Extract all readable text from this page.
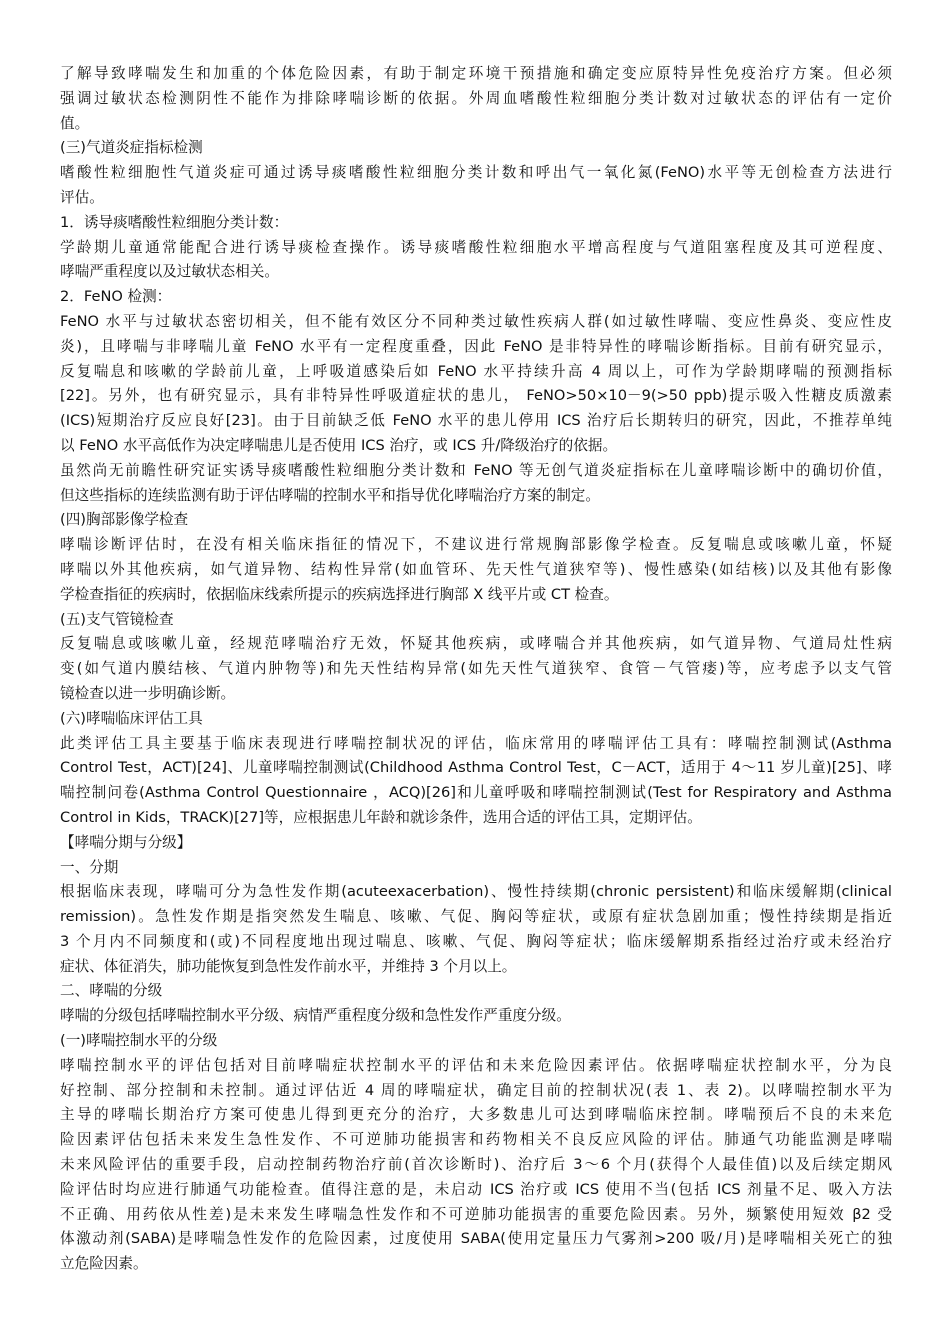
了解导致哮喘发生和加重的个体危险因素，有助于制定环境干预措施和确定变应原特异性免疫治疗方案。但必须
强调过敏状态检测阴性不能作为排除哮喘诊断的依据。外周血嗜酸性粒细胞分类计数对过敏状态的评估有一定价
值。
(三)气道炎症指标检测
嗜酸性粒细胞性气道炎症可通过诱导痰嗜酸性粒细胞分类计数和呼出气一氧化氮(FeNO)水平等无创检查方法进行
评估。
1．诱导痰嗜酸性粒细胞分类计数：
学龄期儿童通常能配合进行诱导痰检查操作。诱导痰嗜酸性粒细胞水平增高程度与气道阻塞程度及其可逆程度、
哮喘严重程度以及过敏状态相关。
2．FeNO 检测：
FeNO 水平与过敏状态密切相关，但不能有效区分不同种类过敏性疾病人群(如过敏性哮喘、变应性鼻炎、变应性皮
炎)，且哮喘与非哮喘儿童 FeNO 水平有一定程度重叠，因此 FeNO 是非特异性的哮喘诊断指标。目前有研究显示，
反复喘息和咳嗽的学龄前儿童，上呼吸道感染后如 FeNO 水平持续升高 4 周以上，可作为学龄期哮喘的预测指标
[22]。另外，也有研究显示，具有非特异性呼吸道症状的患儿， FeNO>50×10－9(>50 ppb)提示吸入性糖皮质激素
(ICS)短期治疗反应良好[23]。由于目前缺乏低 FeNO 水平的患儿停用 ICS 治疗后长期转归的研究，因此，不推荐单纯
以 FeNO 水平高低作为决定哮喘患儿是否使用 ICS 治疗，或 ICS 升/降级治疗的依据。
虽然尚无前瞻性研究证实诱导痰嗜酸性粒细胞分类计数和 FeNO 等无创气道炎症指标在儿童哮喘诊断中的确切价值，
但这些指标的连续监测有助于评估哮喘的控制水平和指导优化哮喘治疗方案的制定。
(四)胸部影像学检查
哮喘诊断评估时，在没有相关临床指征的情况下，不建议进行常规胸部影像学检查。反复喘息或咳嗽儿童，怀疑
哮喘以外其他疾病，如气道异物、结构性异常(如血管环、先天性气道狭窄等)、慢性感染(如结核)以及其他有影像
学检查指征的疾病时，依据临床线索所提示的疾病选择进行胸部 X 线平片或 CT 检查。
(五)支气管镜检查
反复喘息或咳嗽儿童，经规范哮喘治疗无效，怀疑其他疾病，或哮喘合并其他疾病，如气道异物、气道局灶性病
变(如气道内膜结核、气道内肿物等)和先天性结构异常(如先天性气道狭窄、食管－气管瘘)等，应考虑予以支气管
镜检查以进一步明确诊断。
(六)哮喘临床评估工具
此类评估工具主要基于临床表现进行哮喘控制状况的评估，临床常用的哮喘评估工具有：哮喘控制测试(Asthma
Control Test，ACT)[24]、儿童哮喘控制测试(Childhood Asthma Control Test，C－ACT，适用于 4～11 岁儿童)[25]、哮
喘控制问卷(Asthma Control Questionnaire ，ACQ)[26]和儿童呼吸和哮喘控制测试(Test for Respiratory and Asthma
Control in Kids，TRACK)[27]等，应根据患儿年龄和就诊条件，选用合适的评估工具，定期评估。
【哮喘分期与分级】
一、分期
根据临床表现，哮喘可分为急性发作期(acuteexacerbation)、慢性持续期(chronic persistent)和临床缓解期(clinical
remission)。急性发作期是指突然发生喘息、咳嗽、气促、胸闷等症状，或原有症状急剧加重；慢性持续期是指近
3 个月内不同频度和(或)不同程度地出现过喘息、咳嗽、气促、胸闷等症状；临床缓解期系指经过治疗或未经治疗
症状、体征消失，肺功能恢复到急性发作前水平，并维持 3 个月以上。
二、哮喘的分级
哮喘的分级包括哮喘控制水平分级、病情严重程度分级和急性发作严重度分级。
(一)哮喘控制水平的分级
哮喘控制水平的评估包括对目前哮喘症状控制水平的评估和未来危险因素评估。依据哮喘症状控制水平，分为良
好控制、部分控制和未控制。通过评估近 4 周的哮喘症状，确定目前的控制状况(表 1、表 2)。以哮喘控制水平为
主导的哮喘长期治疗方案可使患儿得到更充分的治疗，大多数患儿可达到哮喘临床控制。哮喘预后不良的未来危
险因素评估包括未来发生急性发作、不可逆肺功能损害和药物相关不良反应风险的评估。肺通气功能监测是哮喘
未来风险评估的重要手段，启动控制药物治疗前(首次诊断时)、治疗后 3～6 个月(获得个人最佳值)以及后续定期风
险评估时均应进行肺通气功能检查。值得注意的是，未启动 ICS 治疗或 ICS 使用不当(包括 ICS 剂量不足、吸入方法
不正确、用药依从性差)是未来发生哮喘急性发作和不可逆肺功能损害的重要危险因素。另外，频繁使用短效 β2 受
体激动剂(SABA)是哮喘急性发作的危险因素，过度使用 SABA(使用定量压力气雾剂>200 吸/月)是哮喘相关死亡的独
立危险因素。
